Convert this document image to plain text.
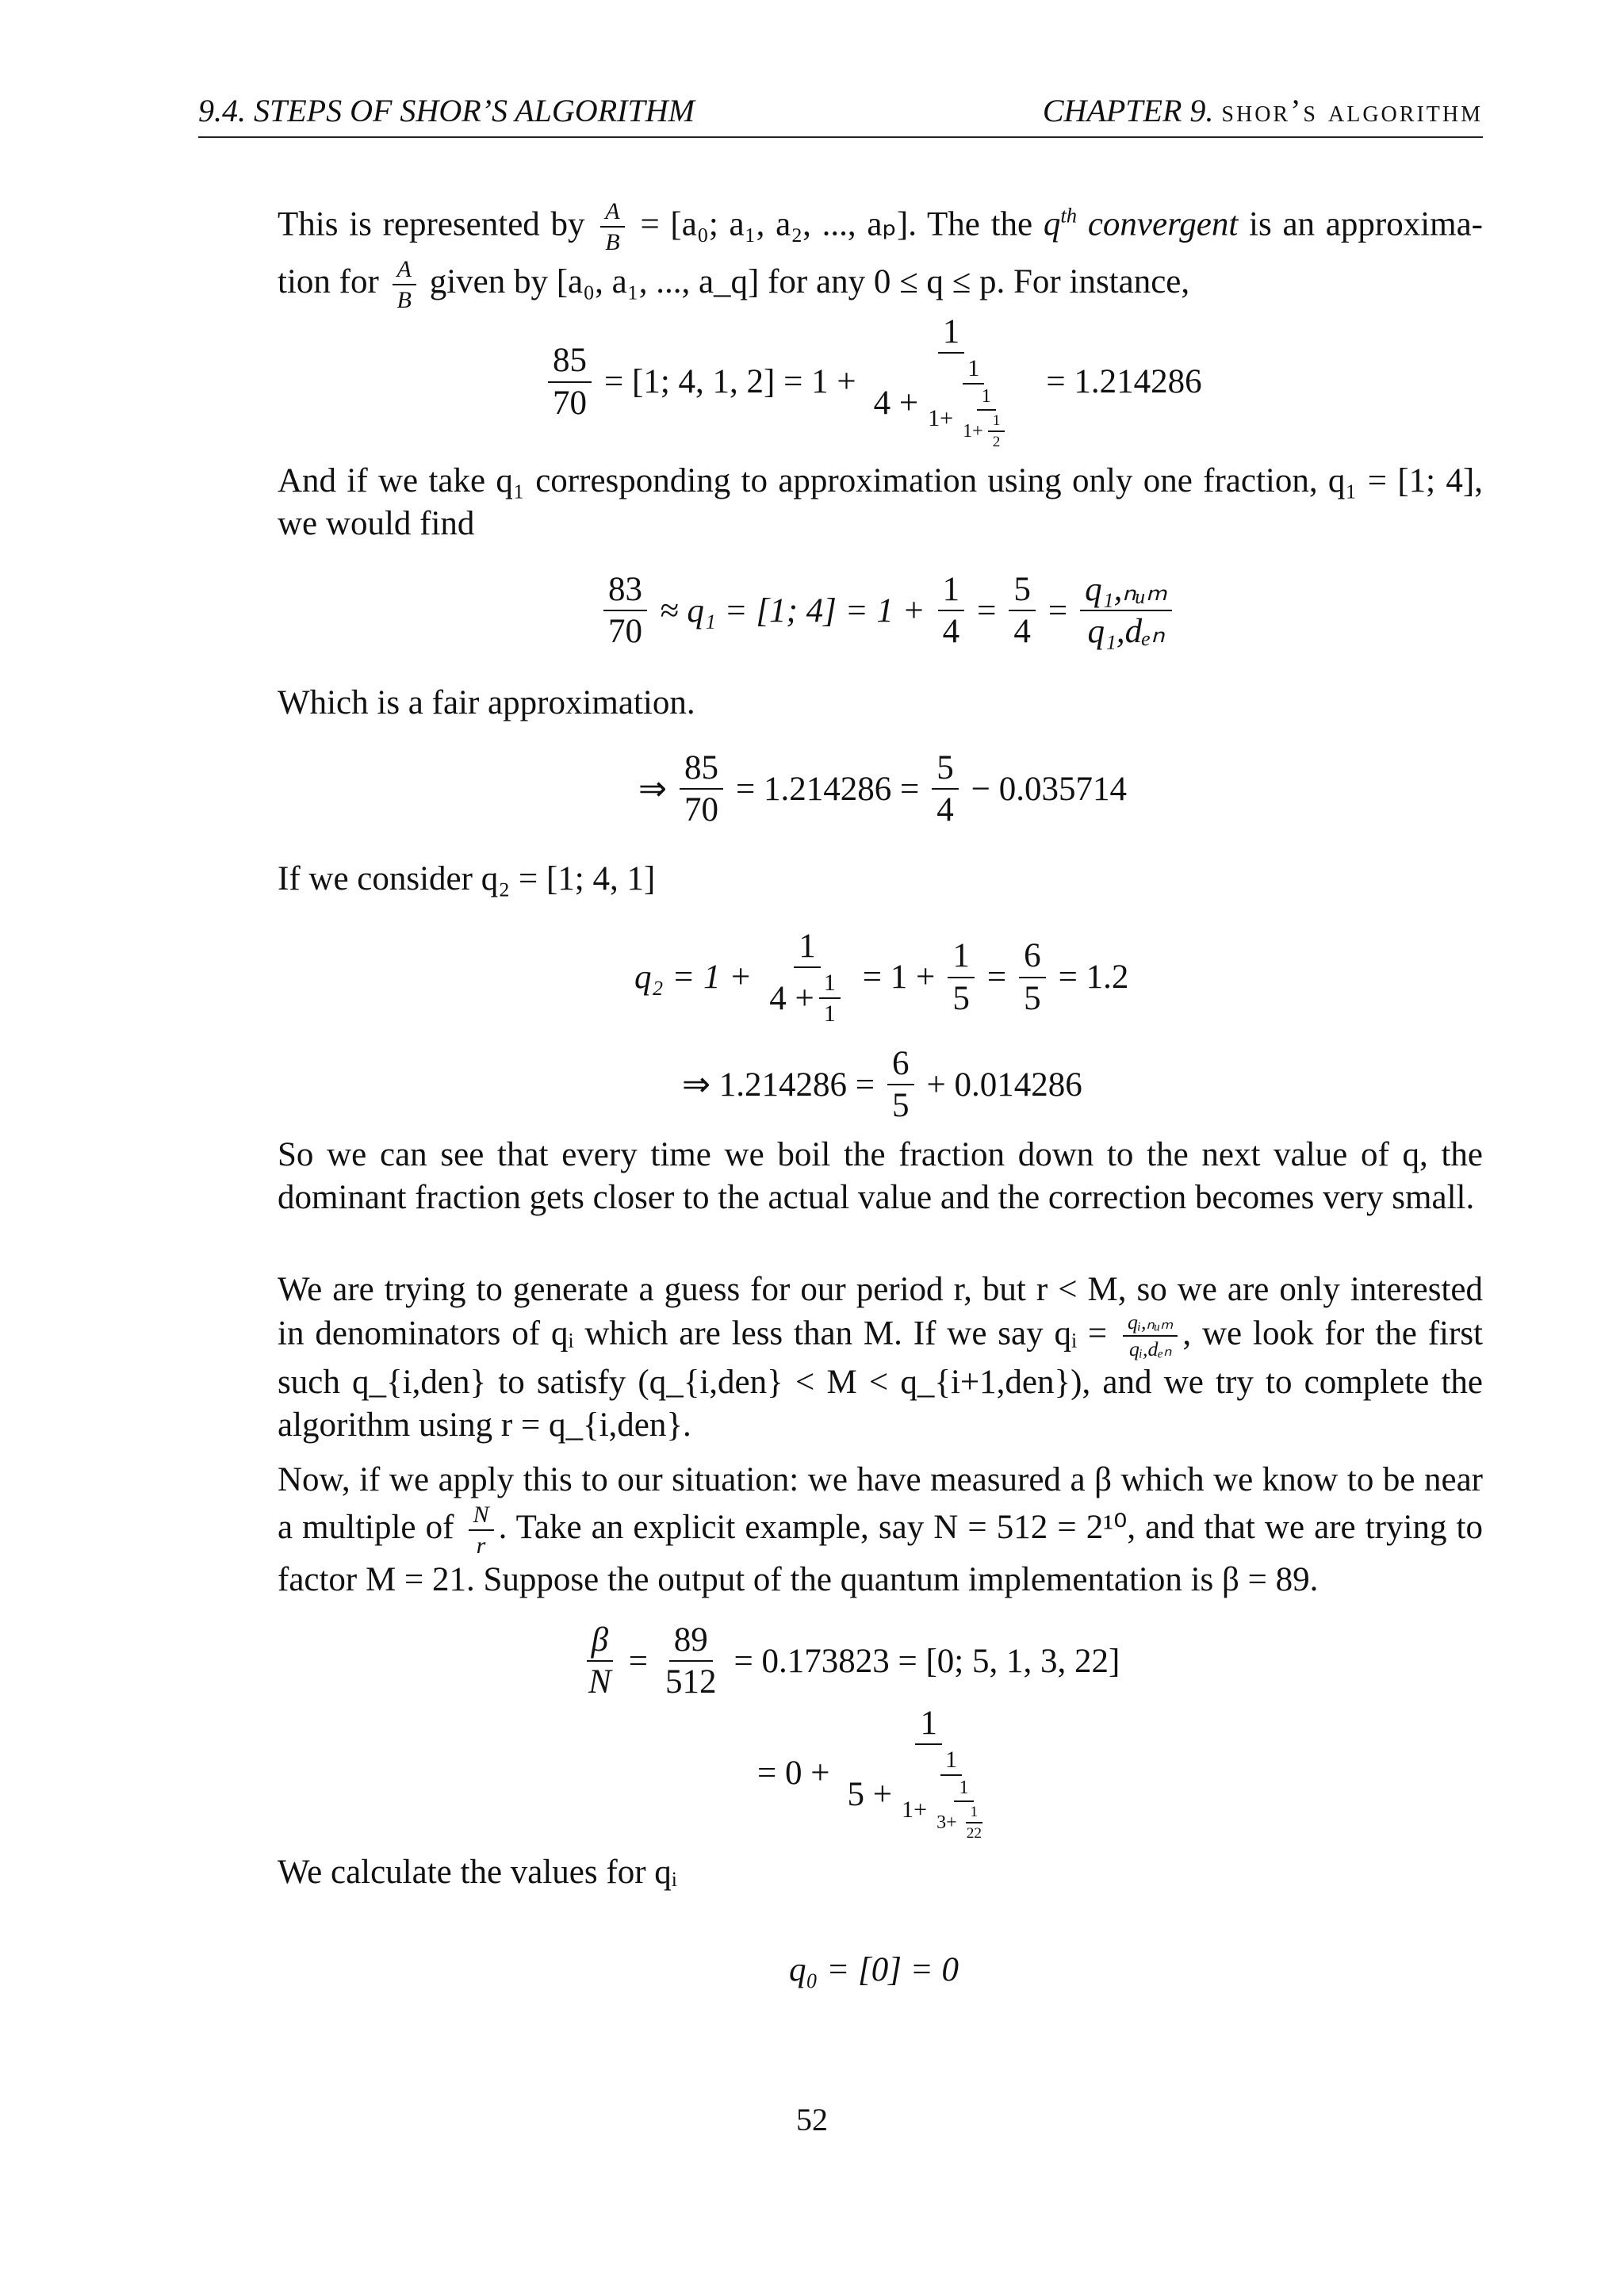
9.4. STEPS OF SHOR’S ALGORITHM	CHAPTER 9. shor’s algorithm
This is represented by $\frac{A}{B} = [a_0$; a₁, a₂, ..., aₚ]. The the $q^{th}$ convergent is an approxima- tion for $\frac{A}{B}$ given by [a₀, a₁, ..., a_q] for any 0 ≤ q ≤ p. For instance,
$\frac{85}{70} = [1$; 4, 1, 2] = 1 +
1
4 +
1
$1+ \frac{1}{1+ \frac{1}{2}}$
= 1.214286
And if we take q₁ corresponding to approximation using only one fraction, q₁ = [1; 4], we would find
$\frac{83}{70} \approx q_1 = [1$; $4] = 1 + \frac{1}{4} = \frac{5}{4} = \frac{\text{q₁,ₙᵤₘ}}{\text{q₁,dₑₙ}}$
Which is a fair approximation.
⇒ $\frac{85}{70} = 1.214286 = \frac{5}{4} - 0.035714$
If we consider q₂ = [1; 4, 1]
$q_2 = 1 + \frac{1}{4 + \frac{1}{1}} = 1 + \frac{1}{5} = \frac{6}{5} = 1.2$
⇒ $1.214286 = \frac{6}{5} + 0.014286$
So we can see that every time we boil the fraction down to the next value of q, the dominant fraction gets closer to the actual value and the correction becomes very small.
We are trying to generate a guess for our period r, but r < M, so we are only interested in denominators of qᵢ which are less than M. If we say qᵢ = $\frac{\text{qᵢ,ₙᵤₘ}}{\text{qᵢ,dₑₙ}}$ , we look for the first such q_{i,den} to satisfy (q_{i,den} < M < q_{i+1,den}), and we try to complete the algorithm using r = q_{i,den}.
Now, if we apply this to our situation: we have measured a β which we know to be near a multiple of $\frac{N}{r}$ . Take an explicit example, say N = 512 = 2¹⁰, and that we are trying to factor M = 21. Suppose the output of the quantum implementation is β = 89.
$\frac{\beta}{N} = \frac{89}{512} = 0.173823 = [0$; 5, 1, 3, 22]
= 0 +
1
5 +
1
$1+ \frac{1}{3+ \frac{1}{22}}$
We calculate the values for qᵢ
q₀ = [0] = 0
52
